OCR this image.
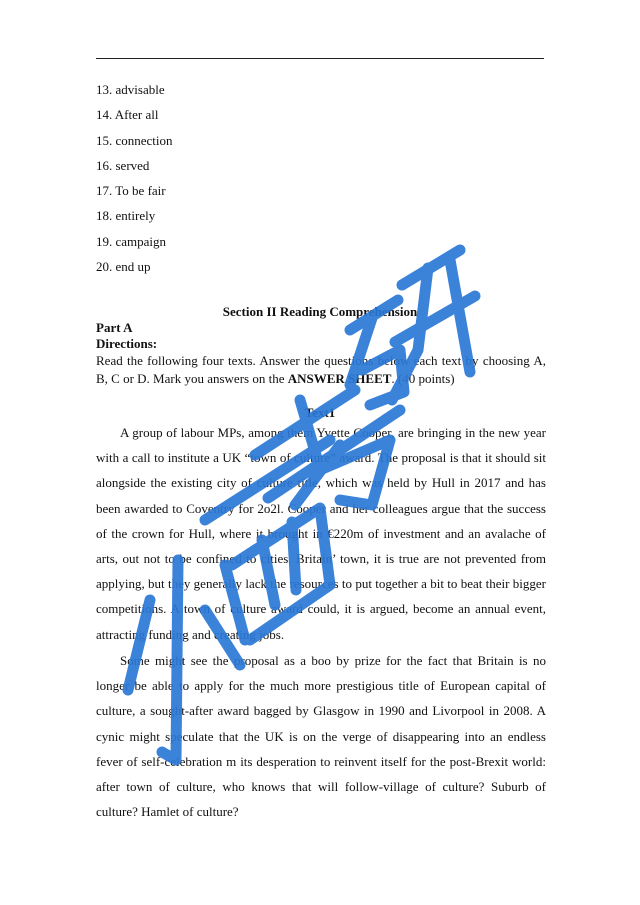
13. advisable
14. After all
15. connection
16. served
17. To be fair
18. entirely
19. campaign
20. end up
Section II Reading Comprehension
Part A
Directions:
Read the following four texts. Answer the questions below each text by choosing A, B, C or D. Mark you answers on the ANSWER SHEET. (40 points)
Text1

A group of labour MPs, among them Yvette Cooper, are bringing in the new year with a call to institute a UK “town of culture” award. The proposal is that it should sit alongside the existing city of culture title, which was held by Hull in 2017 and has been awarded to Coventry for 2o2l. Cooper and her colleagues argue that the success of the crown for Hull, where it brought in €220m of investment and an avalache of arts, out not to be confined to cities. Britain’ town, it is true are not prevented from applying, but they generally lack the resources to put together a bit to beat their bigger competitions. A town of culture award could, it is argued, become an annual event, attracting funding and creating jobs.

Some might see the proposal as a boo by prize for the fact that Britain is no longer be able to apply for the much more prestigious title of European capital of culture, a sought-after award bagged by Glasgow in 1990 and Livorpool in 2008. A cynic might speculate that the UK is on the verge of disappearing into an endless fever of self-celebration m its desperation to reinvent itself for the post-Brexit world: after town of culture, who knows that will follow-village of culture? Suburb of culture? Hamlet of culture?
